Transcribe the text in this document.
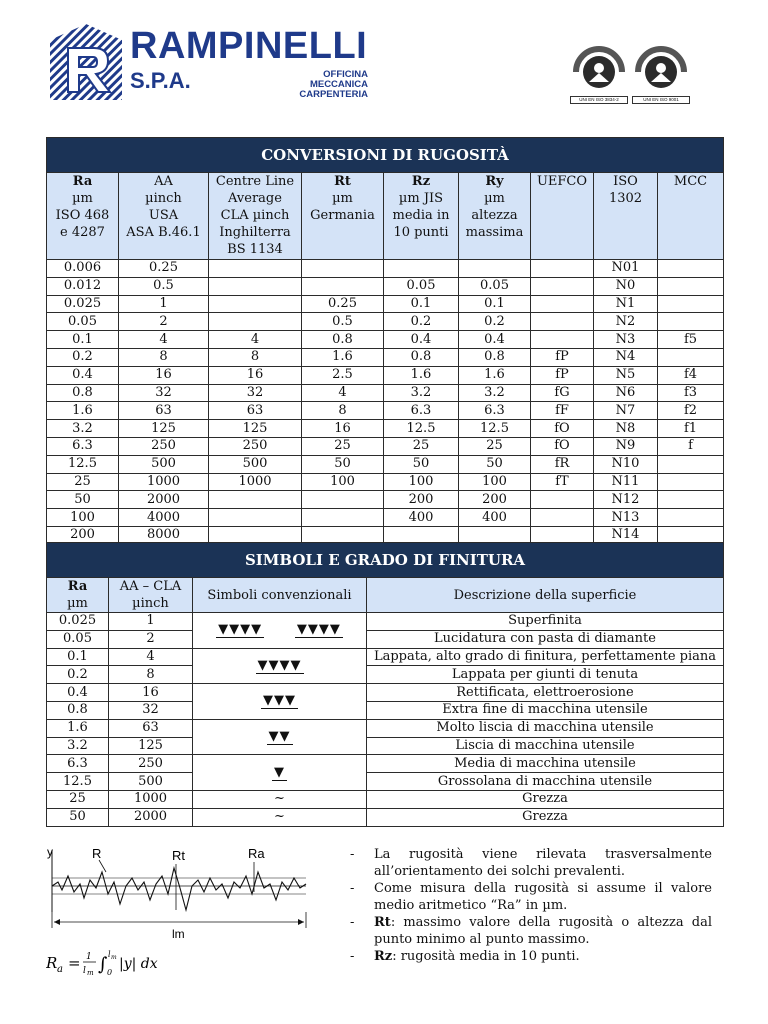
RAMPINELLI
S.P.A.	OFFICINA
MECCANICA
CARPENTERIA	UNI EN ISO 3834-2	UNI EN ISO 9001
CONVERSIONI DI RUGOSITÀ								
Ra
µm
ISO 468
e 4287	AA
µinch
USA
ASA B.46.1	Centre Line
Average
CLA µinch
Inghilterra
BS 1134	Rt
µm
Germania	Rz
µm JIS
media in
10 punti	Ry
µm
altezza
massima	UEFCO	ISO
1302	MCC
0.006	0.25						N01	
0.012	0.5			0.05	0.05		N0	
0.025	1		0.25	0.1	0.1		N1	
0.05	2		0.5	0.2	0.2		N2	
0.1	4	4	0.8	0.4	0.4		N3	f5
0.2	8	8	1.6	0.8	0.8	fP	N4	
0.4	16	16	2.5	1.6	1.6	fP	N5	f4
0.8	32	32	4	3.2	3.2	fG	N6	f3
1.6	63	63	8	6.3	6.3	fF	N7	f2
3.2	125	125	16	12.5	12.5	fO	N8	f1
6.3	250	250	25	25	25	fO	N9	f
12.5	500	500	50	50	50	fR	N10	
25	1000	1000	100	100	100	fT	N11	
50	2000			200	200		N12	
100	4000			400	400		N13	
200	8000						N14	
SIMBOLI E GRADO DI FINITURA			
Ra
µm	AA – CLA
µinch	Simboli convenzionali	Descrizione della superficie
0.025	1	▼▼▼▼ ▼▼▼▼	Superfinita
0.05	2		Lucidatura con pasta di diamante
0.1	4	▼▼▼▼	Lappata, alto grado di finitura, perfettamente piana
0.2	8		Lappata per giunti di tenuta
0.4	16	▼▼▼	Rettificata, elettroerosione
0.8	32		Extra fine di macchina utensile
1.6	63	▼▼	Molto liscia di macchina utensile
3.2	125		Liscia di macchina utensile
6.3	250	▼	Media di macchina utensile
12.5	500		Grossolana di macchina utensile
25	1000	~	Grezza
50	2000	~	Grezza
y	R	Rt	Ra
lm
R a = 1
l m ∫ l m
0
|y| dx
- La rugosità viene rilevata trasversalmente all’orientamento dei solchi prevalenti.
- Come misura della rugosità si assume il valore medio aritmetico “Ra” in µm.
- Rt: massimo valore della rugosità o altezza dal punto minimo al punto massimo.
- Rz: rugosità media in 10 punti.
